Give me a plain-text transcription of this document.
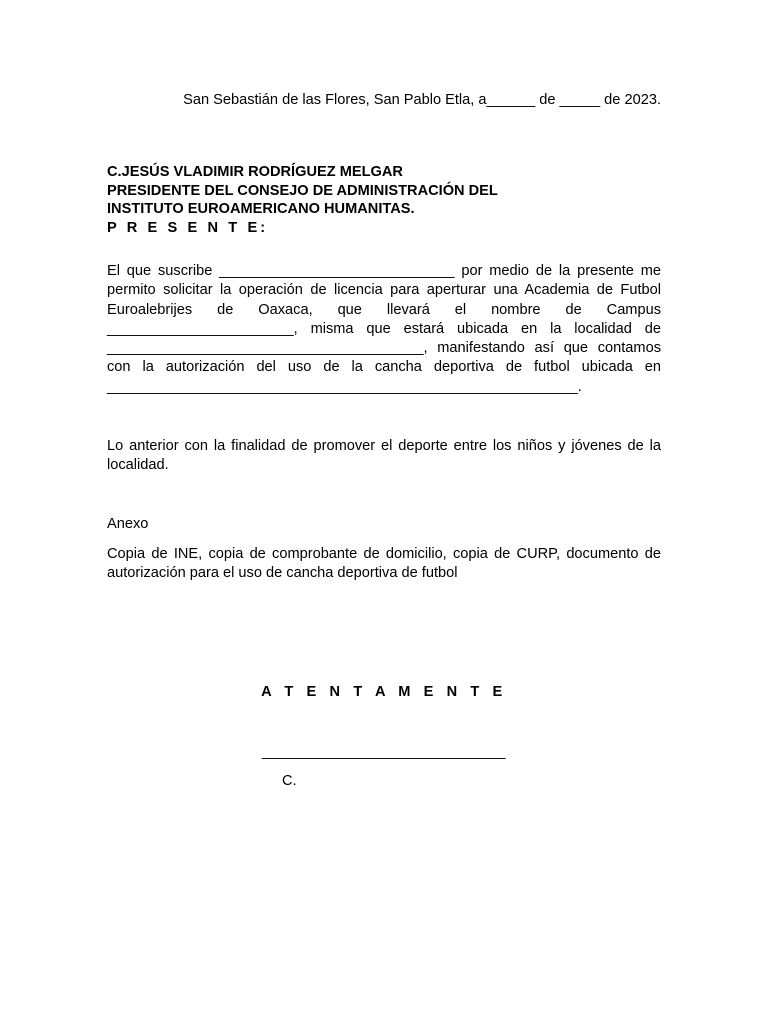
San Sebastián de las Flores, San Pablo Etla, a______ de _____ de 2023.
C.JESÚS VLADIMIR RODRÍGUEZ MELGAR
PRESIDENTE DEL CONSEJO DE ADMINISTRACIÓN DEL
INSTITUTO EUROAMERICANO HUMANITAS.
P R E S E N T E:
El que suscribe _____________________________ por medio de la presente me permito solicitar la operación de licencia para aperturar una Academia de Futbol Euroalebrijes de Oaxaca, que llevará el nombre de Campus _______________________, misma que estará ubicada en la localidad de _______________________________________, manifestando así que contamos con la autorización del uso de la cancha deportiva de futbol ubicada en __________________________________________________________.
Lo anterior con la finalidad de promover el deporte entre los niños y jóvenes de la localidad.
Anexo
Copia de INE, copia de comprobante de domicilio, copia de CURP, documento de autorización para el uso de cancha deportiva de futbol
A T E N T A M E N T E
______________________________
C.
